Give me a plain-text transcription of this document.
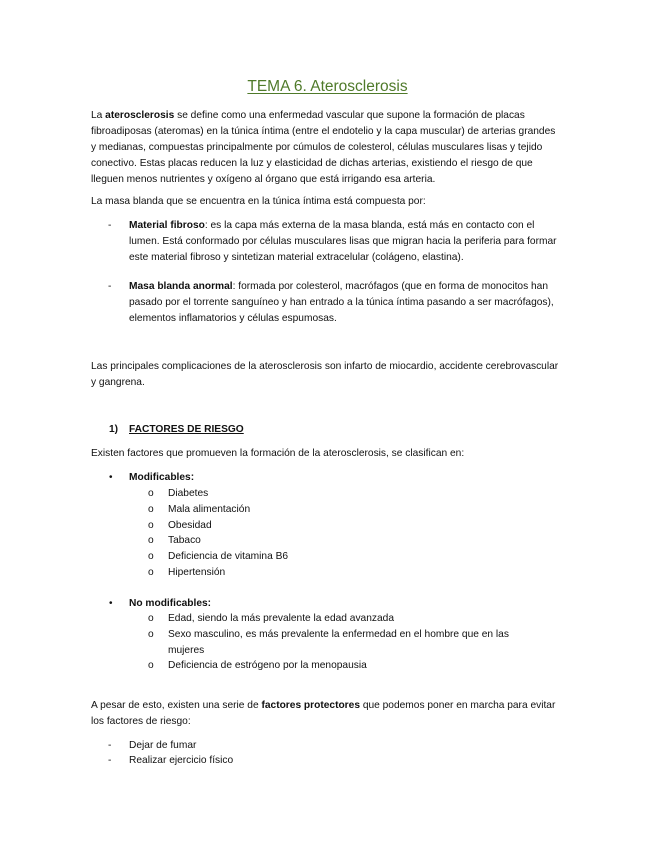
TEMA 6. Aterosclerosis
La aterosclerosis se define como una enfermedad vascular que supone la formación de placas fibroadiposas (ateromas) en la túnica íntima (entre el endotelio y la capa muscular) de arterias grandes y medianas, compuestas principalmente por cúmulos de colesterol, células musculares lisas y tejido conectivo. Estas placas reducen la luz y elasticidad de dichas arterias, existiendo el riesgo de que lleguen menos nutrientes y oxígeno al órgano que está irrigando esa arteria.
La masa blanda que se encuentra en la túnica íntima está compuesta por:
- Material fibroso: es la capa más externa de la masa blanda, está más en contacto con el lumen. Está conformado por células musculares lisas que migran hacia la periferia para formar este material fibroso y sintetizan material extracelular (colágeno, elastina).
- Masa blanda anormal: formada por colesterol, macrófagos (que en forma de monocitos han pasado por el torrente sanguíneo y han entrado a la túnica íntima pasando a ser macrófagos), elementos inflamatorios y células espumosas.
Las principales complicaciones de la aterosclerosis son infarto de miocardio, accidente cerebrovascular y gangrena.
1) FACTORES DE RIESGO
Existen factores que promueven la formación de la aterosclerosis, se clasifican en:
• Modificables:
o Diabetes
o Mala alimentación
o Obesidad
o Tabaco
o Deficiencia de vitamina B6
o Hipertensión
• No modificables:
o Edad, siendo la más prevalente la edad avanzada
o Sexo masculino, es más prevalente la enfermedad en el hombre que en las mujeres
o Deficiencia de estrógeno por la menopausia
A pesar de esto, existen una serie de factores protectores que podemos poner en marcha para evitar los factores de riesgo:
- Dejar de fumar
- Realizar ejercicio físico
